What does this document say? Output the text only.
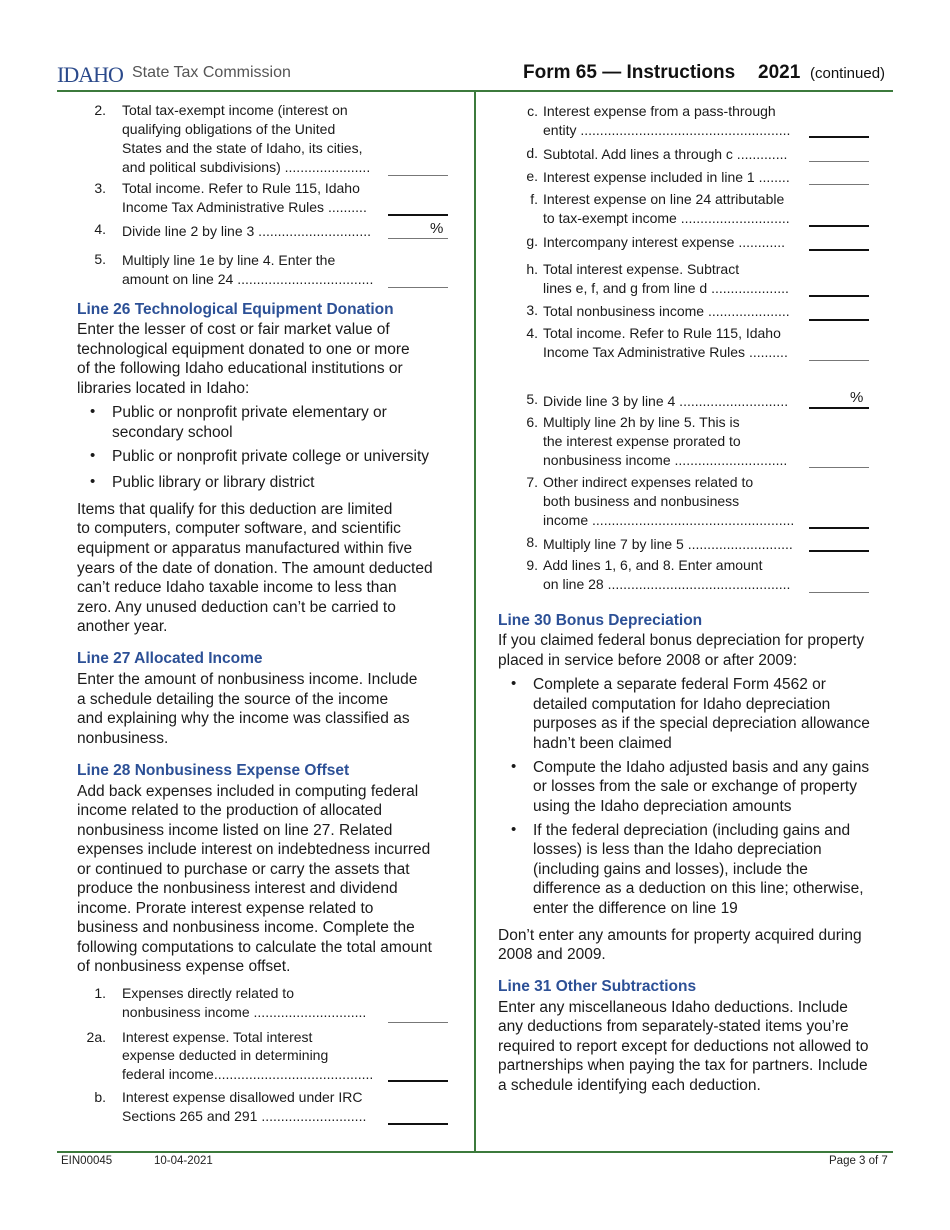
IDAHO State Tax Commission	Form 65 — Instructions 2021 (continued)
2. Total tax-exempt income (interest on
qualifying obligations of the United
States and the state of Idaho, its cities,
and political subdivisions) ......................
3. Total income. Refer to Rule 115, Idaho
Income Tax Administrative Rules ..........
4. Divide line 2 by line 3 .............................	%
5. Multiply line 1e by line 4. Enter the
amount on line 24 ...................................
Line 26 Technological Equipment Donation
Enter the lesser of cost or fair market value of
technological equipment donated to one or more
of the following Idaho educational institutions or
libraries located in Idaho:
• Public or nonprofit private elementary or
secondary school
• Public or nonprofit private college or university
• Public library or library district
Items that qualify for this deduction are limited
to computers, computer software, and scientific
equipment or apparatus manufactured within five
years of the date of donation. The amount deducted
can’t reduce Idaho taxable income to less than
zero. Any unused deduction can’t be carried to
another year.
Line 27 Allocated Income
Enter the amount of nonbusiness income. Include
a schedule detailing the source of the income
and explaining why the income was classified as
nonbusiness.
Line 28 Nonbusiness Expense Offset
Add back expenses included in computing federal
income related to the production of allocated
nonbusiness income listed on line 27. Related
expenses include interest on indebtedness incurred
or continued to purchase or carry the assets that
produce the nonbusiness interest and dividend
income. Prorate interest expense related to
business and nonbusiness income. Complete the
following computations to calculate the total amount
of nonbusiness expense offset.
1. Expenses directly related to
nonbusiness income .............................
2a. Interest expense. Total interest
expense deducted in determining
federal income.........................................
b. Interest expense disallowed under IRC
Sections 265 and 291 ...........................
c. Interest expense from a pass-through
entity ......................................................
d. Subtotal. Add lines a through c .............
e. Interest expense included in line 1 ........
f. Interest expense on line 24 attributable
to tax-exempt income ............................
g. Intercompany interest expense ............
h. Total interest expense. Subtract
lines e, f, and g from line d ....................
3. Total nonbusiness income .....................
4. Total income. Refer to Rule 115, Idaho
Income Tax Administrative Rules ..........
5. Divide line 3 by line 4 ............................	%
6. Multiply line 2h by line 5. This is
the interest expense prorated to
nonbusiness income .............................
7. Other indirect expenses related to
both business and nonbusiness
income ....................................................
8. Multiply line 7 by line 5 ...........................
9. Add lines 1, 6, and 8. Enter amount
on line 28 ...............................................
Line 30 Bonus Depreciation
If you claimed federal bonus depreciation for property
placed in service before 2008 or after 2009:
• Complete a separate federal Form 4562 or
detailed computation for Idaho depreciation
purposes as if the special depreciation allowance
hadn’t been claimed
• Compute the Idaho adjusted basis and any gains
or losses from the sale or exchange of property
using the Idaho depreciation amounts
• If the federal depreciation (including gains and
losses) is less than the Idaho depreciation
(including gains and losses), include the
difference as a deduction on this line; otherwise,
enter the difference on line 19
Don’t enter any amounts for property acquired during
2008 and 2009.
Line 31 Other Subtractions
Enter any miscellaneous Idaho deductions. Include
any deductions from separately-stated items you’re
required to report except for deductions not allowed to
partnerships when paying the tax for partners. Include
a schedule identifying each deduction.
EIN00045	10-04-2021	Page 3 of 7
